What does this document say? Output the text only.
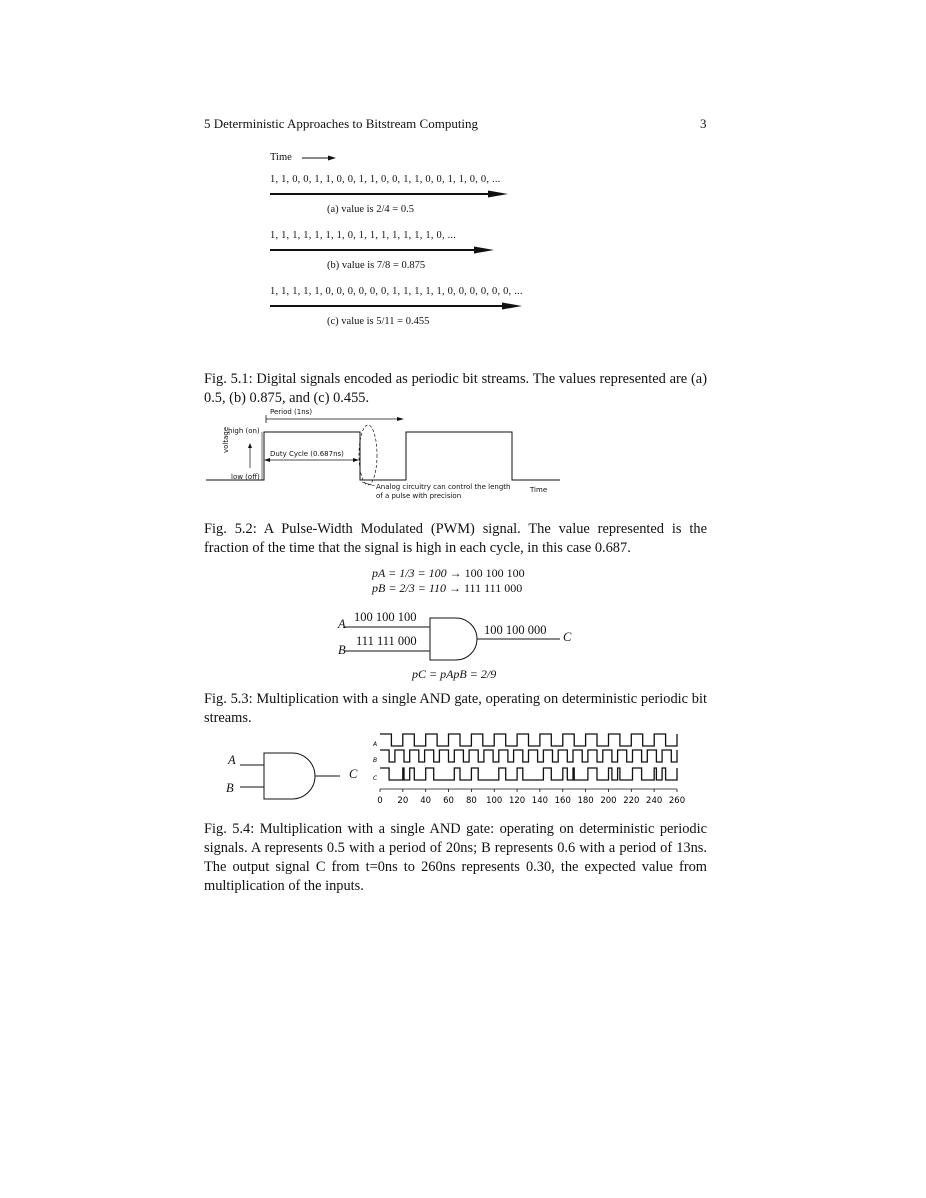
5 Deterministic Approaches to Bitstream Computing	3
Time
1, 1, 0, 0, 1, 1, 0, 0, 1, 1, 0, 0, 1, 1, 0, 0, 1, 1, 0, 0, ...
(a) value is 2/4 = 0.5
1, 1, 1, 1, 1, 1, 1, 0, 1, 1, 1, 1, 1, 1, 1, 0, ...
(b) value is 7/8 = 0.875
1, 1, 1, 1, 1, 0, 0, 0, 0, 0, 0, 1, 1, 1, 1, 1, 0, 0, 0, 0, 0, 0, ...
(c) value is 5/11 = 0.455
Fig. 5.1: Digital signals encoded as periodic bit streams. The values represented are (a) 0.5, (b) 0.875, and (c) 0.455.
Period (1ns)
high (on)
low (off)
voltage
Duty Cycle (0.687ns)
Analog circuitry can control the length
of a pulse with precision
Time
Fig. 5.2: A Pulse-Width Modulated (PWM) signal. The value represented is the fraction of the time that the signal is high in each cycle, in this case 0.687.
pA = 1/3 = 100 → 100 100 100
pB = 2/3 = 110 → 111 111 000
100 100 100
111 111 000
100 100 000
A
B
C
pC = pApB = 2/9
Fig. 5.3: Multiplication with a single AND gate, operating on deterministic periodic bit streams.
A
B
C
A
B
C
0 20 40 60 80 100 120 140 160 180 200 220 240 260
Fig. 5.4: Multiplication with a single AND gate: operating on deterministic periodic signals. A represents 0.5 with a period of 20ns; B represents 0.6 with a period of 13ns. The output signal C from t=0ns to 260ns represents 0.30, the expected value from multiplication of the inputs.
